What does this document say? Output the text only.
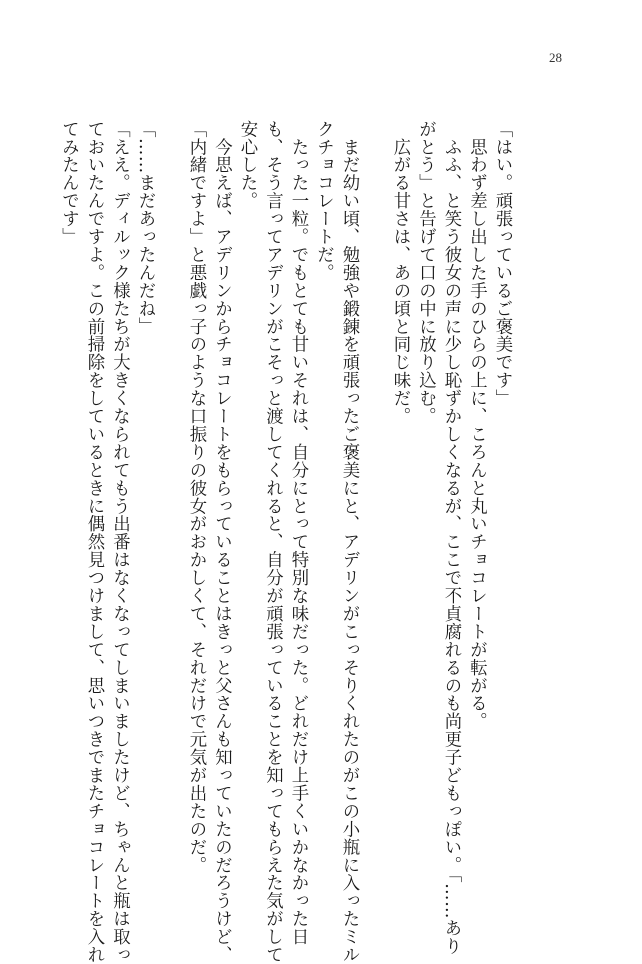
28

「はい。頑張っているご褒美です」

　思わず差し出した手のひらの上に、ころんと丸いチョコレートが転がる。

　ふふ、と笑う彼女の声に少し恥ずかしくなるが、ここで不貞腐れるのも尚更子どもっぽい。「……あり

がとう」と告げて口の中に放り込む。

　広がる甘さは、あの頃と同じ味だ。

　まだ幼い頃、勉強や鍛錬を頑張ったご褒美にと、アデリンがこっそりくれたのがこの小瓶に入ったミル

クチョコレートだ。

　たった一粒。でもとても甘いそれは、自分にとって特別な味だった。どれだけ上手くいかなかった日

も、そう言ってアデリンがこそっと渡してくれると、自分が頑張っていることを知ってもらえた気がして

安心した。

　今思えば、アデリンからチョコレートをもらっていることはきっと父さんも知っていたのだろうけど、

「内緒ですよ」と悪戯っ子のような口振りの彼女がおかしくて、それだけで元気が出たのだ。

「……まだあったんだね」

「ええ。ディルック様たちが大きくなられてもう出番はなくなってしまいましたけど、ちゃんと瓶は取っ

ておいたんですよ。この前掃除をしているときに偶然見つけまして、思いつきでまたチョコレートを入れ

てみたんです」
